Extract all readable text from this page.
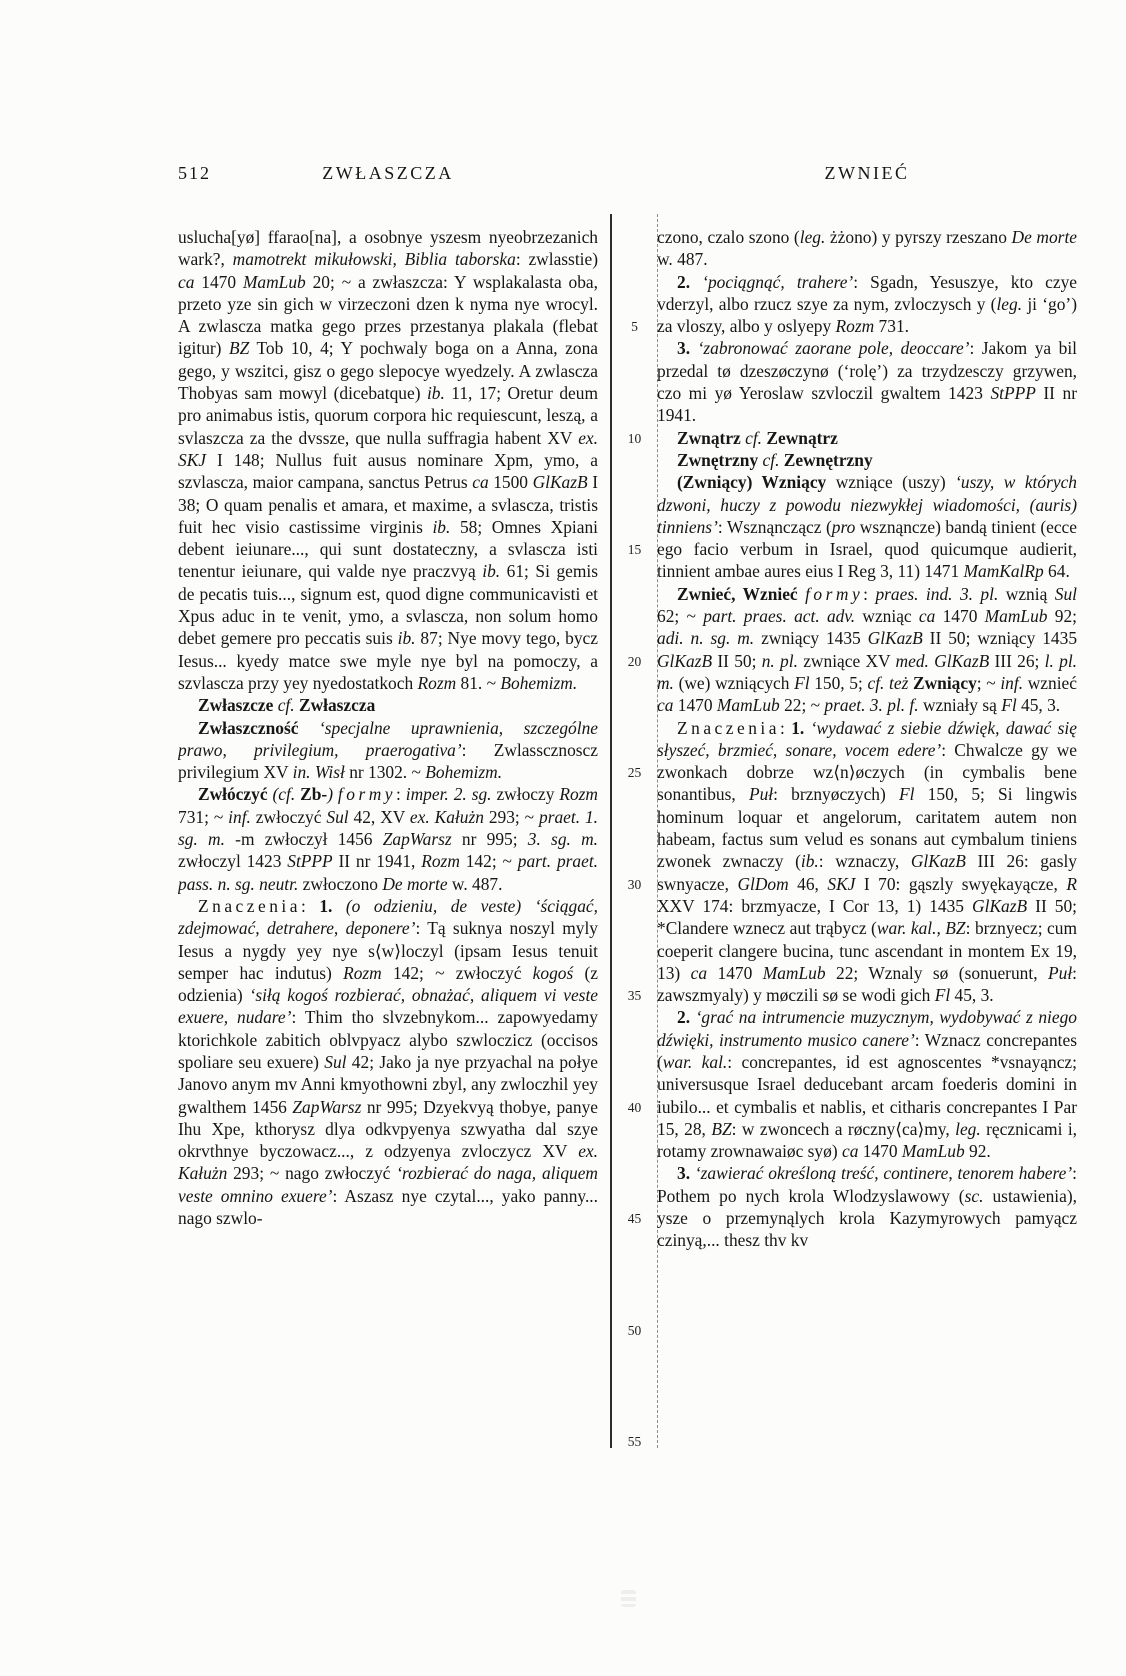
512	ZWŁASZCZA	ZWNIEĆ

uslucha[yø] ffarao[na], a osobnye yszesm nyeobrzezanich wark?, mamotrekt mikułowski, Biblia taborska: zwlasstie) ca 1470 MamLub 20; ~ a zwłaszcza: Y wsplakalasta oba, przeto yze sin gich w virzeczoni dzen k nyma nye wrocyl. A zwlascza matka gego przes przestanya plakala (flebat igitur) BZ Tob 10, 4; Y pochwaly boga on a Anna, zona gego, y wszitci, gisz o gego slepocye wyedzely. A zwlascza Thobyas sam mowyl (dicebatque) ib. 11, 17; Oretur deum pro animabus istis, quorum corpora hic requiescunt, leszą, a svlaszcza za the dvssze, que nulla suffragia habent XV ex. SKJ I 148; Nullus fuit ausus nominare Xpm, ymo, a szvlascza, maior campana, sanctus Petrus ca 1500 GlKazB I 38; O quam penalis et amara, et maxime, a svlascza, tristis fuit hec visio castissime virginis ib. 58; Omnes Xpiani debent ieiunare..., qui sunt dostateczny, a svlascza isti tenentur ieiunare, qui valde nye praczvyą ib. 61; Si gemis de pecatis tuis..., signum est, quod digne communicavisti et Xpus aduc in te venit, ymo, a svlascza, non solum homo debet gemere pro peccatis suis ib. 87; Nye movy tego, bycz Iesus... kyedy matce swe myle nye byl na pomoczy, a szvlascza przy yey nyedostatkoch Rozm 81. ~ Bohemizm.

Zwłaszcze cf. Zwłaszcza

Zwłaszczność ‘specjalne uprawnienia, szczególne prawo, privilegium, praerogativa’: Zwlasscznoscz privilegium XV in. Wisł nr 1302. ~ Bohemizm.

Zwłóczyć (cf. Zb-) formy: imper. 2. sg. zwłoczy Rozm 731; ~ inf. zwłoczyć Sul 42, XV ex. Kałużn 293; ~ praet. 1. sg. m. -m zwłoczył 1456 ZapWarsz nr 995; 3. sg. m. zwłoczyl 1423 StPPP II nr 1941, Rozm 142; ~ part. praet. pass. n. sg. neutr. zwłoczono De morte w. 487.

Znaczenia: 1. (o odzieniu, de veste) ‘ściągać, zdejmować, detrahere, deponere’: Tą suknya noszyl myly Iesus a nygdy yey nye s⟨w⟩loczyl (ipsam Iesus tenuit semper hac indutus) Rozm 142; ~ zwłoczyć kogoś (z odzienia) ‘siłą kogoś rozbierać, obnażać, aliquem vi veste exuere, nudare’: Thim tho slvzebnykom... zapowyedamy ktorichkole zabitich oblvpyacz alybo szwloczicz (occisos spoliare seu exuere) Sul 42; Jako ja nye przyachal na połye Janovo anym mv Anni kmyothowni zbyl, any zwloczhil yey gwalthem 1456 ZapWarsz nr 995; Dzyekvyą thobye, panye Ihu Xpe, kthorysz dlya odkvpyenya szwyatha dal szye okrvthnye byczowacz..., z odzyenya zvloczycz XV ex. Kałużn 293; ~ nago zwłoczyć ‘rozbierać do naga, aliquem veste omnino exuere’: Aszasz nye czytal..., yako panny... nago szwlo-

5
10
15
20
25
30
35
40
45
50
55

czono, czalo szono (leg. żżono) y pyrszy rzeszano De morte w. 487.

2. ‘pociągnąć, trahere’: Sgadn, Yesuszye, kto czye vderzyl, albo rzucz szye za nym, zvloczysch y (leg. ji ‘go’) za vloszy, albo y oslyepy Rozm 731.

3. ‘zabronować zaorane pole, deoccare’: Jakom ya bil przedal tø dzeszøczynø (‘rolę’) za trzydzesczy grzywen, czo mi yø Yeroslaw szvloczil gwaltem 1423 StPPP II nr 1941.

Zwnątrz cf. Zewnątrz

Zwnętrzny cf. Zewnętrzny

(Zwniący) Wzniący wzniące (uszy) ‘uszy, w których dzwoni, huczy z powodu niezwykłej wiadomości, (auris) tinniens’: Wsznąnczącz (pro wsznąncze) bandą tinient (ecce ego facio verbum in Israel, quod quicumque audierit, tinnient ambae aures eius I Reg 3, 11) 1471 MamKalRp 64.

Zwnieć, Wznieć formy: praes. ind. 3. pl. wznią Sul 62; ~ part. praes. act. adv. wzniąc ca 1470 MamLub 92; adi. n. sg. m. zwniący 1435 GlKazB II 50; wzniący 1435 GlKazB II 50; n. pl. zwniące XV med. GlKazB III 26; l. pl. m. (we) wzniących Fl 150, 5; cf. też Zwniący; ~ inf. wznieć ca 1470 MamLub 22; ~ praet. 3. pl. f. wzniały są Fl 45, 3.

Znaczenia: 1. ‘wydawać z siebie dźwięk, dawać się słyszeć, brzmieć, sonare, vocem edere’: Chwalcze gy we zwonkach dobrze wz⟨n⟩øczych (in cymbalis bene sonantibus, Puł: brznyøczych) Fl 150, 5; Si lingwis hominum loquar et angelorum, caritatem autem non habeam, factus sum velud es sonans aut cymbalum tiniens zwonek zwnaczy (ib.: wznaczy, GlKazB III 26: gasly swnyacze, GlDom 46, SKJ I 70: gąszly swyękayącze, R XXV 174: brzmyacze, I Cor 13, 1) 1435 GlKazB II 50; *Clandere wznecz aut trąbycz (war. kal., BZ: brznyecz; cum coeperit clangere bucina, tunc ascendant in montem Ex 19, 13) ca 1470 MamLub 22; Wznaly sø (sonuerunt, Puł: zawszmyaly) y møczili sø se wodi gich Fl 45, 3.

2. ‘grać na intrumencie muzycznym, wydobywać z niego dźwięki, instrumento musico canere’: Wznacz concrepantes (war. kal.: concrepantes, id est agnoscentes *vsnayąncz; universusque Israel deducebant arcam foederis domini in iubilo... et cymbalis et nablis, et citharis concrepantes I Par 15, 28, BZ: w zwoncech a røczny⟨ca⟩my, leg. ręcznicami i, rotamy zrownawaiøc syø) ca 1470 MamLub 92.

3. ‘zawierać określoną treść, continere, tenorem habere’: Pothem po nych krola Wlodzyslawowy (sc. ustawienia), ysze o przemynąlych krola Kazymyrowych pamyącz czinyą,... thesz thv kv
